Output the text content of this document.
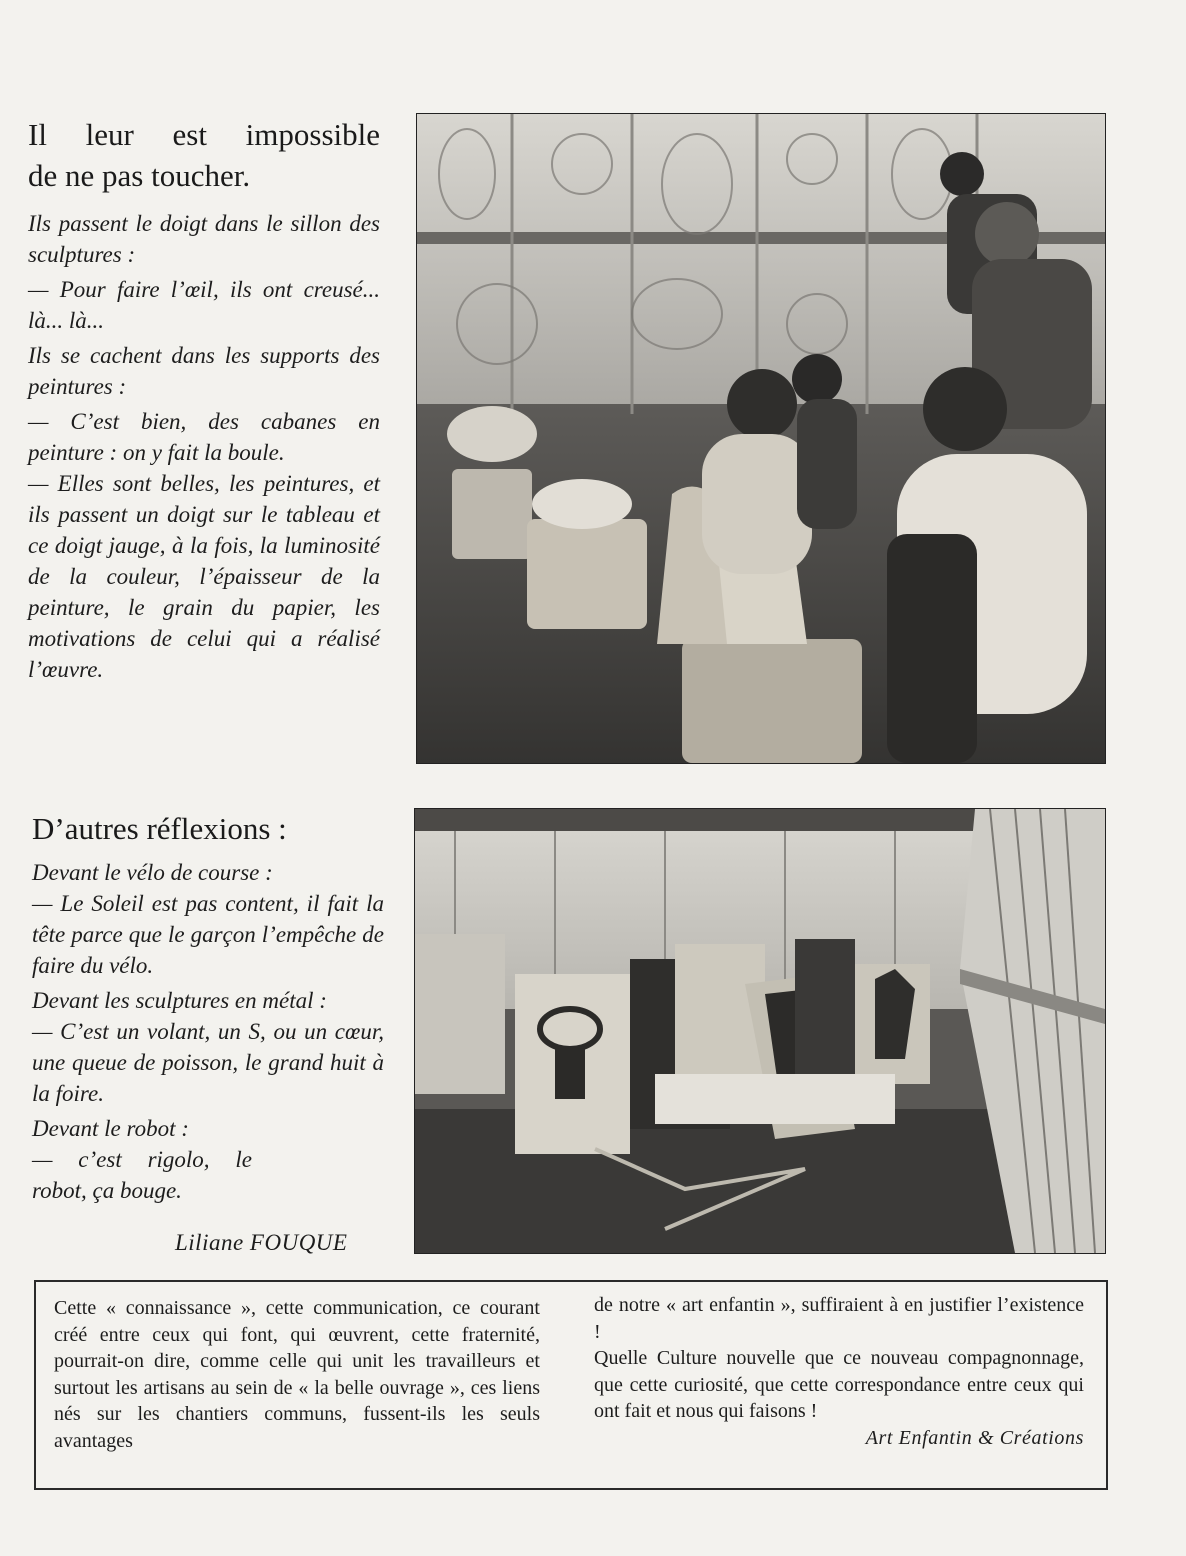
Il leur est impossible
de ne pas toucher.

Ils passent le doigt dans le sillon des sculptures :

— Pour faire l’œil, ils ont creusé... là... là...

Ils se cachent dans les supports des peintures :

— C’est bien, des cabanes en peinture : on y fait la boule.

— Elles sont belles, les peintures, et ils passent un doigt sur le tableau et ce doigt jauge, à la fois, la luminosité de la couleur, l’épaisseur de la peinture, le grain du papier, les motivations de celui qui a réalisé l’œuvre.

D’autres réflexions :

Devant le vélo de course :

— Le Soleil est pas content, il fait la tête parce que le garçon l’empêche de faire du vélo.

Devant les sculptures en métal :

— C’est un volant, un S, ou un cœur, une queue de poisson, le grand huit à la foire.

Devant le robot :

— c’est rigolo, le robot, ça bouge.

Liliane FOUQUE
Cette « connaissance », cette communication, ce courant créé entre ceux qui font, qui œuvrent, cette fraternité, pourrait-on dire, comme celle qui unit les travailleurs et surtout les artisans au sein de « la belle ouvrage », ces liens nés sur les chantiers communs, fussent-ils les seuls avantages
de notre « art enfantin », suffiraient à en justifier l’existence !
Quelle Culture nouvelle que ce nouveau compagnonnage, que cette curiosité, que cette correspondance entre ceux qui ont fait et nous qui faisons !
Art Enfantin & Créations
